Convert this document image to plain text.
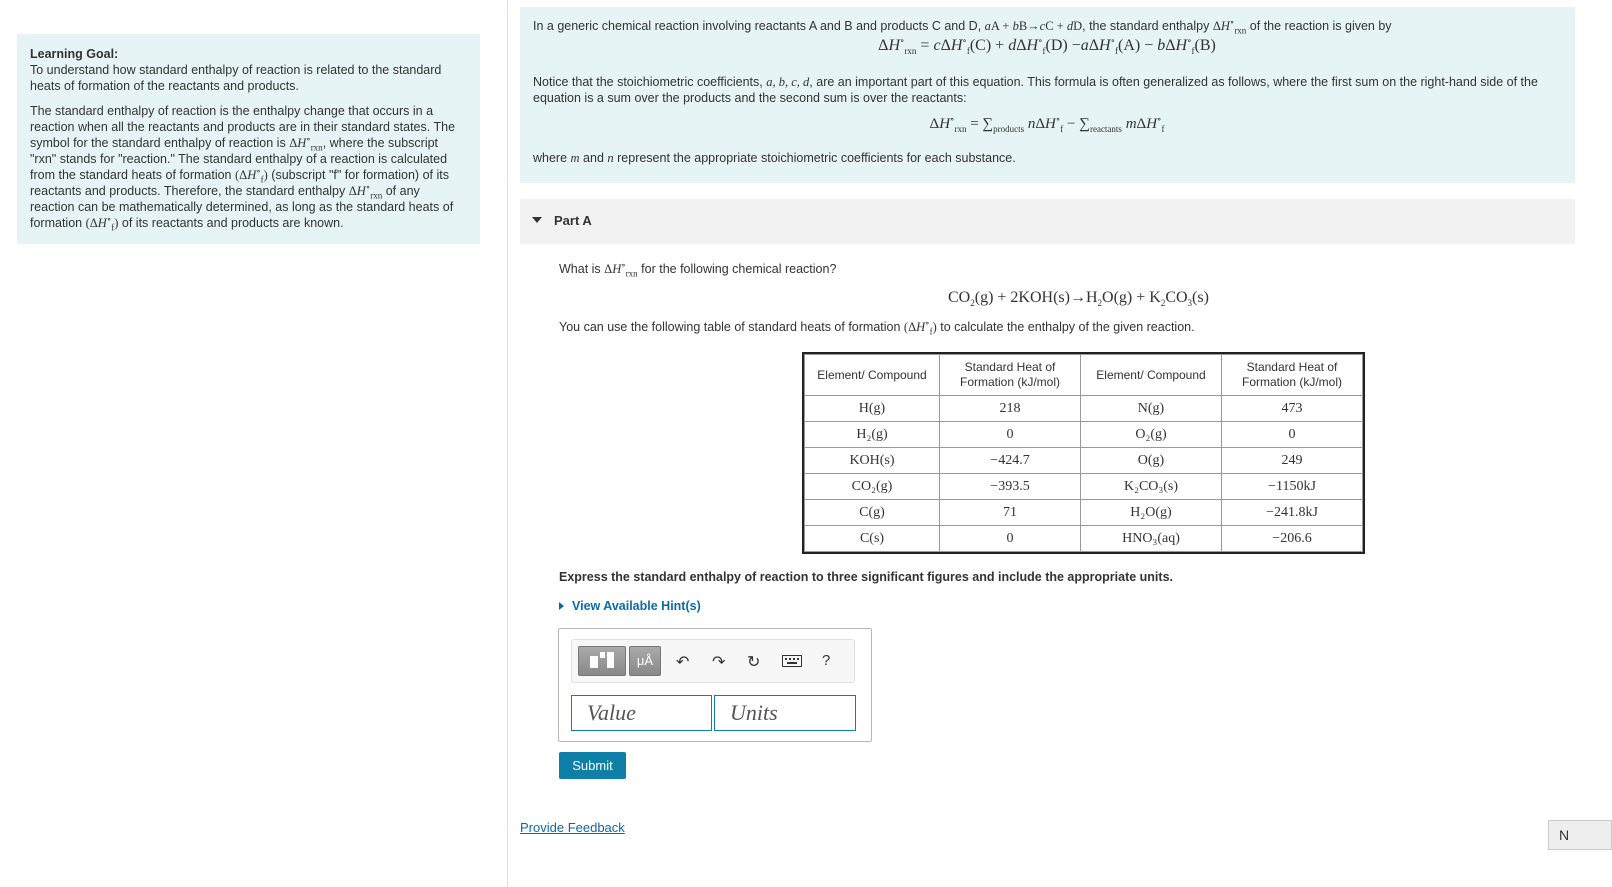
Learning Goal:

To understand how standard enthalpy of reaction is related to the standard heats of formation of the reactants and products.

The standard enthalpy of reaction is the enthalpy change that occurs in a reaction when all the reactants and products are in their standard states. The symbol for the standard enthalpy of reaction is $\Delta H^\circ_{rxn}$, where the subscript "rxn" stands for "reaction." The standard enthalpy of a reaction is calculated from the standard heats of formation $(\Delta H^\circ_f)$ (subscript "f" for formation) of its reactants and products. Therefore, the standard enthalpy $\Delta H^\circ_{rxn}$ of any reaction can be mathematically determined, as long as the standard heats of formation $(\Delta H^\circ_f)$ of its reactants and products are known.

In a generic chemical reaction involving reactants A and B and products C and D, aA + bB→cC + dD, the standard enthalpy $\Delta H^\circ_{rxn}$ of the reaction is given by

$\Delta H^\circ_{rxn} = c\Delta H^\circ_f(C) + d\Delta H^\circ_f(D) -a\Delta H^\circ_f(A) - b\Delta H^\circ_f(B)$

Notice that the stoichiometric coefficients, a, b, c, d, are an important part of this equation. This formula is often generalized as follows, where the first sum on the right-hand side of the equation is a sum over the products and the second sum is over the reactants:

$\Delta H^\circ_{rxn} = \sum_{products}$ $n\Delta H^\circ_f - \sum_{reactants}$ mΔH∘$_f$

where m and n represent the appropriate stoichiometric coefficients for each substance.

Part A
What is $\Delta H^\circ_{rxn}$ for the following chemical reaction?
$CO_2(g) + 2KOH(s)\to H_2O(g) + K_2CO_3(s)$
You can use the following table of standard heats of formation $(\Delta H^\circ_f)$ to calculate the enthalpy of the given reaction.
Element/ Compound	Standard Heat of Formation (kJ/mol)	Element/ Compound	Standard Heat of Formation (kJ/mol)
H(g)	218	N(g)	473
H₂(g)	0	O₂(g)	0
KOH(s)	−424.7	O(g)	249
CO₂(g)	−393.5	K₂CO₃(s)	−1150kJ
C(g)	71	H₂O(g)	−241.8kJ
C(s)	0	HNO₃(aq)	−206.6
Express the standard enthalpy of reaction to three significant figures and include the appropriate units.
View Available Hint(s)
μÅ	↶ ↷ ↻	?
Value	Units
Submit
Provide Feedback	N
